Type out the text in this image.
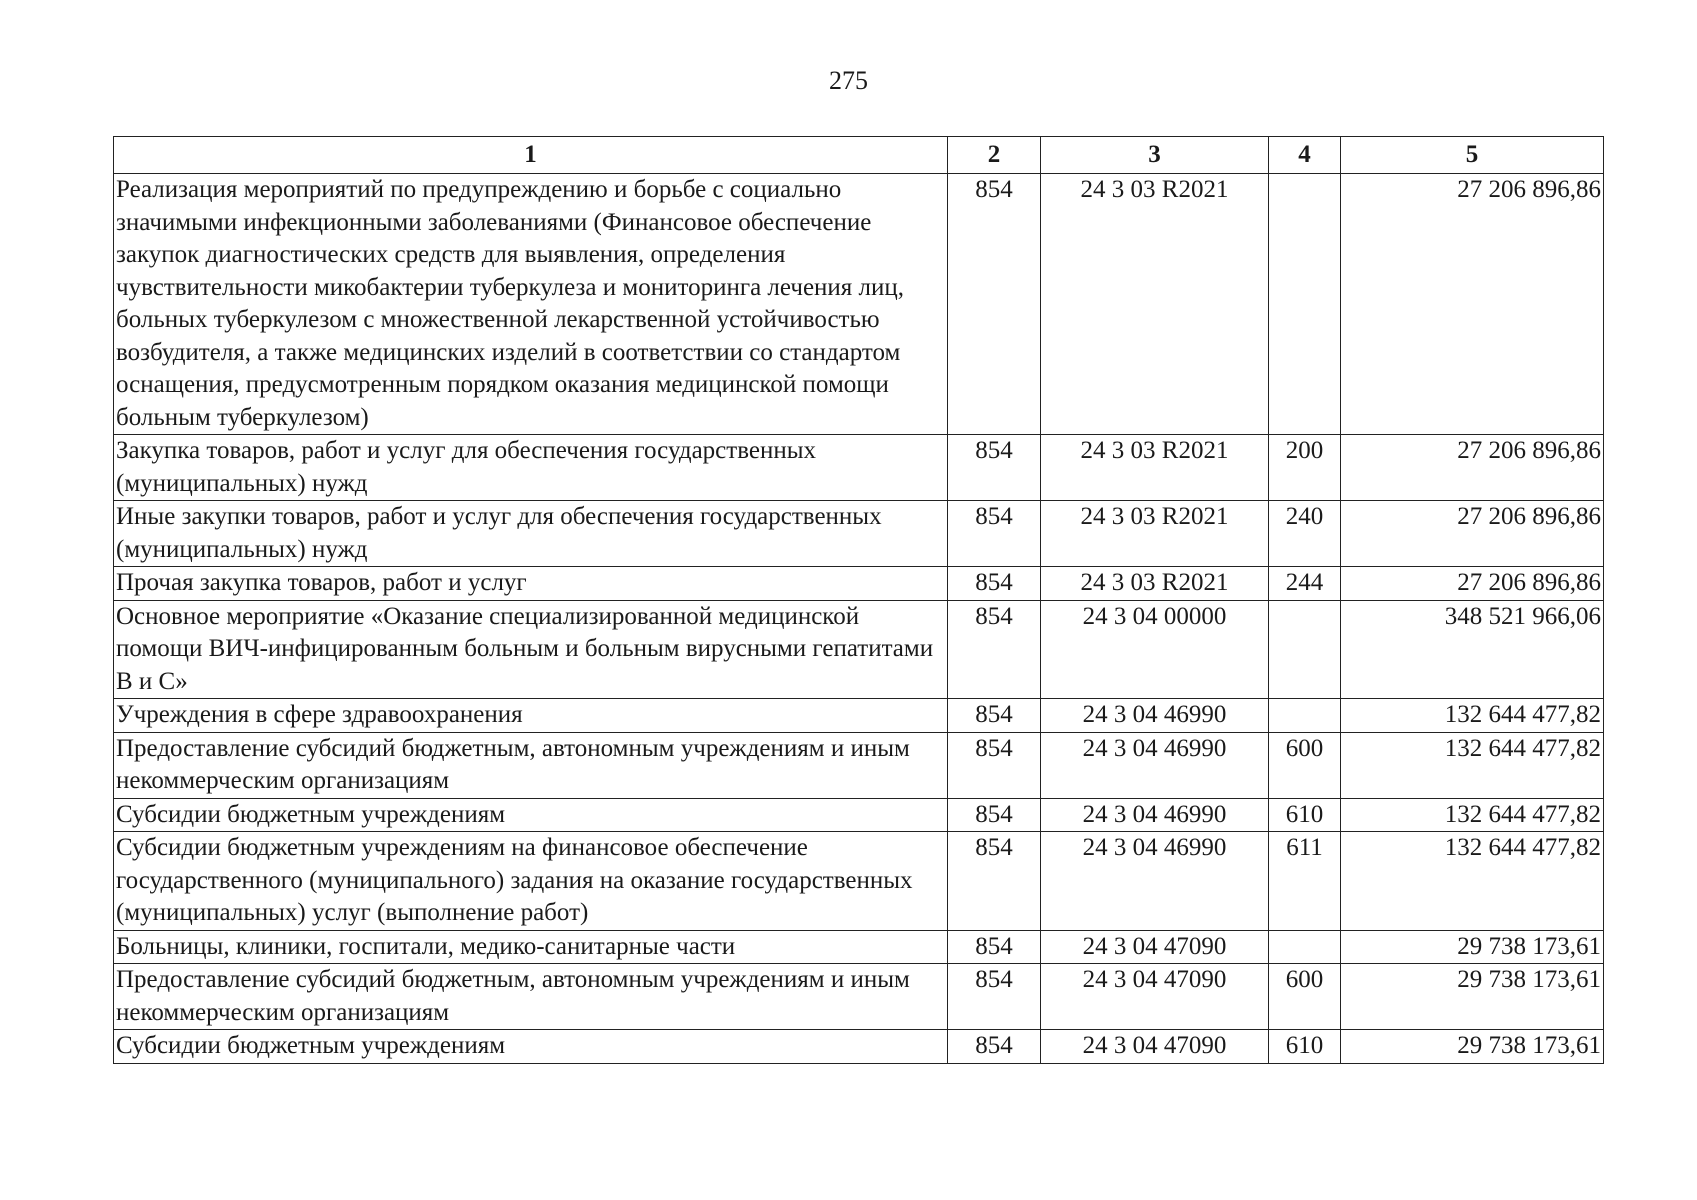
275
1	2	3	4	5
Реализация мероприятий по предупреждению и борьбе с социально значимыми инфекционными заболеваниями (Финансовое обеспечение закупок диагностических средств для выявления, определения чувствительности микобактерии туберкулеза и мониторинга лечения лиц, больных туберкулезом с множественной лекарственной устойчивостью возбудителя, а также медицинских изделий в соответствии со стандартом оснащения, предусмотренным порядком оказания медицинской помощи больным туберкулезом)	854	24 3 03 R2021		27 206 896,86
Закупка товаров, работ и услуг для обеспечения государственных (муниципальных) нужд	854	24 3 03 R2021	200	27 206 896,86
Иные закупки товаров, работ и услуг для обеспечения государственных (муниципальных) нужд	854	24 3 03 R2021	240	27 206 896,86
Прочая закупка товаров, работ и услуг	854	24 3 03 R2021	244	27 206 896,86
Основное мероприятие «Оказание специализированной медицинской помощи ВИЧ-инфицированным больным и больным вирусными гепатитами В и С»	854	24 3 04 00000		348 521 966,06
Учреждения в сфере здравоохранения	854	24 3 04 46990		132 644 477,82
Предоставление субсидий бюджетным, автономным учреждениям и иным некоммерческим организациям	854	24 3 04 46990	600	132 644 477,82
Субсидии бюджетным учреждениям	854	24 3 04 46990	610	132 644 477,82
Субсидии бюджетным учреждениям на финансовое обеспечение государственного (муниципального) задания на оказание государственных (муниципальных) услуг (выполнение работ)	854	24 3 04 46990	611	132 644 477,82
Больницы, клиники, госпитали, медико-санитарные части	854	24 3 04 47090		29 738 173,61
Предоставление субсидий бюджетным, автономным учреждениям и иным некоммерческим организациям	854	24 3 04 47090	600	29 738 173,61
Субсидии бюджетным учреждениям	854	24 3 04 47090	610	29 738 173,61
